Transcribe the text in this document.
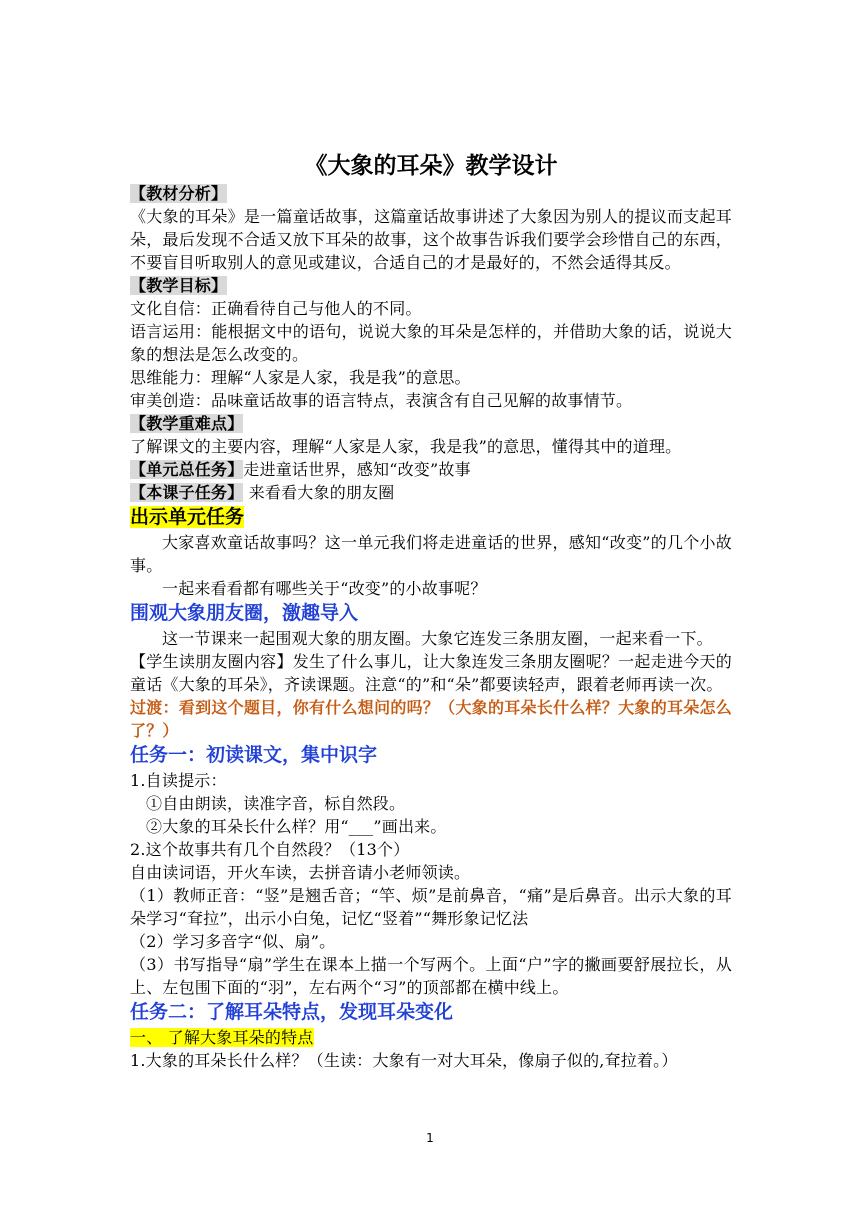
《大象的耳朵》教学设计

【教材分析】

《大象的耳朵》是一篇童话故事，这篇童话故事讲述了大象因为别人的提议而支起耳朵，最后发现不合适又放下耳朵的故事，这个故事告诉我们要学会珍惜自己的东西，不要盲目听取别人的意见或建议，合适自己的才是最好的，不然会适得其反。

【教学目标】

文化自信：正确看待自己与他人的不同。

语言运用：能根据文中的语句，说说大象的耳朵是怎样的，并借助大象的话，说说大象的想法是怎么改变的。

思维能力：理解“人家是人家，我是我”的意思。

审美创造：品味童话故事的语言特点，表演含有自己见解的故事情节。

【教学重难点】

了解课文的主要内容，理解“人家是人家，我是我”的意思，懂得其中的道理。

【单元总任务】走进童话世界，感知“改变”故事

【本课子任务】 来看看大象的朋友圈

出示单元任务

大家喜欢童话故事吗？这一单元我们将走进童话的世界，感知“改变”的几个小故事。

一起来看看都有哪些关于“改变”的小故事呢？

围观大象朋友圈，激趣导入

这一节课来一起围观大象的朋友圈。大象它连发三条朋友圈，一起来看一下。

【学生读朋友圈内容】发生了什么事儿，让大象连发三条朋友圈呢？一起走进今天的童话《大象的耳朵》，齐读课题。注意“的”和“朵”都要读轻声，跟着老师再读一次。

过渡：看到这个题目，你有什么想问的吗？（大象的耳朵长什么样？大象的耳朵怎么了？）

任务一：初读课文，集中识字

1.自读提示：

①自由朗读，读准字音，标自然段。

②大象的耳朵长什么样？用“___”画出来。

2.这个故事共有几个自然段？（13个）

自由读词语，开火车读，去拼音请小老师领读。

（1）教师正音：“竖”是翘舌音；“竿、烦”是前鼻音，“痛”是后鼻音。出示大象的耳朵学习“耷拉”，出示小白兔，记忆“竖着”“舞形象记忆法

（2）学习多音字“似、扇”。

（3）书写指导“扇”学生在课本上描一个写两个。上面“户”字的撇画要舒展拉长，从上、左包围下面的“羽”，左右两个“习”的顶部都在横中线上。

任务二：了解耳朵特点，发现耳朵变化

一、 了解大象耳朵的特点

1.大象的耳朵长什么样？（生读：大象有一对大耳朵，像扇子似的,耷拉着。）

1
